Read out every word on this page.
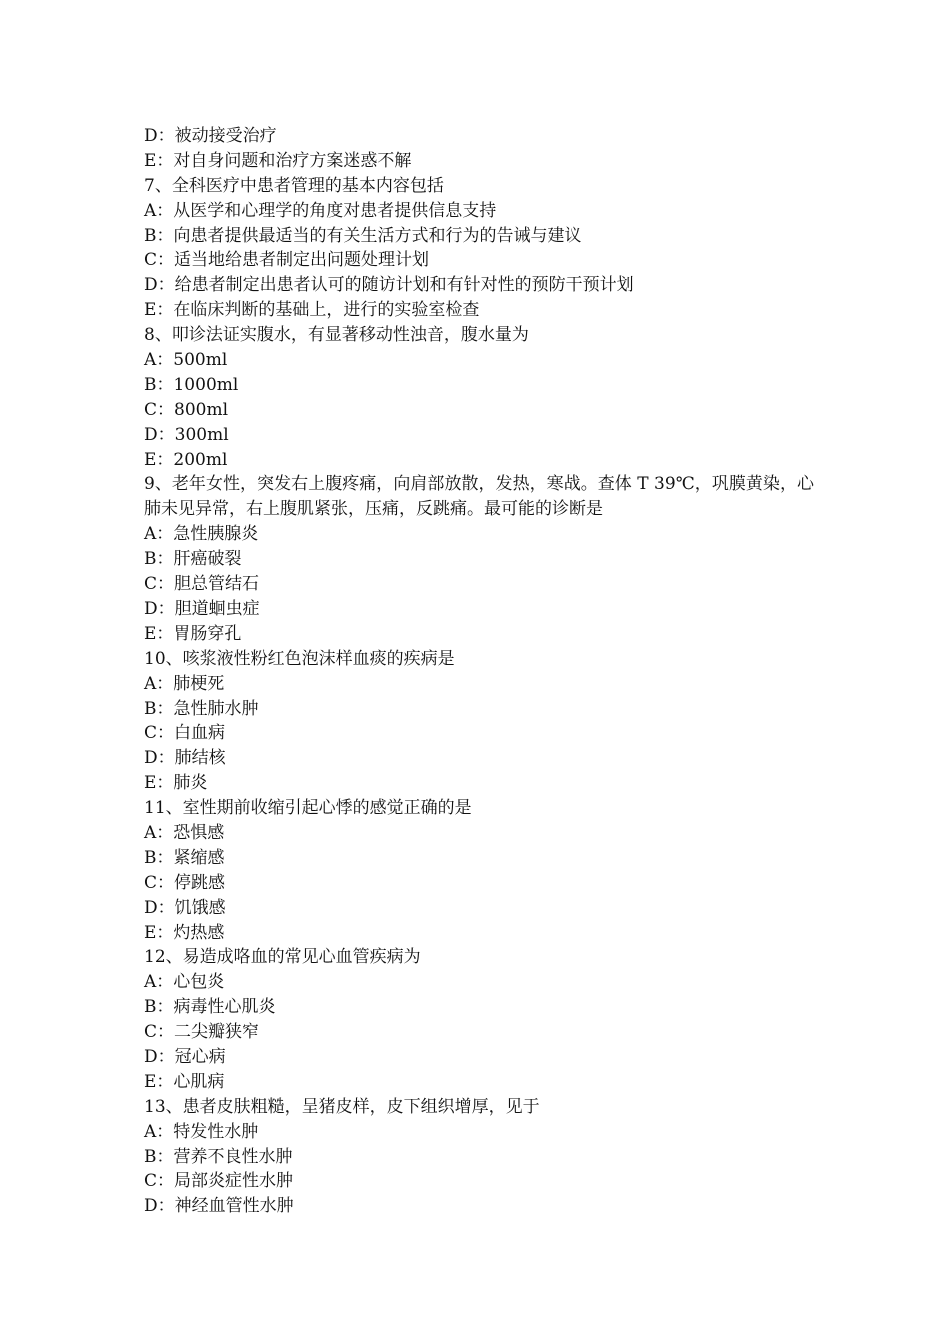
D：被动接受治疗
E：对自身问题和治疗方案迷惑不解
7、全科医疗中患者管理的基本内容包括
A：从医学和心理学的角度对患者提供信息支持
B：向患者提供最适当的有关生活方式和行为的告诫与建议
C：适当地给患者制定出问题处理计划
D：给患者制定出患者认可的随访计划和有针对性的预防干预计划
E：在临床判断的基础上，进行的实验室检查
8、叩诊法证实腹水，有显著移动性浊音，腹水量为
A：500ml
B：1000ml
C：800ml
D：300ml
E：200ml
9、老年女性，突发右上腹疼痛，向肩部放散，发热，寒战。查体 T 39℃，巩膜黄染，心肺未见异常，右上腹肌紧张，压痛，反跳痛。最可能的诊断是
A：急性胰腺炎
B：肝癌破裂
C：胆总管结石
D：胆道蛔虫症
E：胃肠穿孔
10、咳浆液性粉红色泡沫样血痰的疾病是
A：肺梗死
B：急性肺水肿
C：白血病
D：肺结核
E：肺炎
11、室性期前收缩引起心悸的感觉正确的是
A：恐惧感
B：紧缩感
C：停跳感
D：饥饿感
E：灼热感
12、易造成咯血的常见心血管疾病为
A：心包炎
B：病毒性心肌炎
C：二尖瓣狭窄
D：冠心病
E：心肌病
13、患者皮肤粗糙，呈猪皮样，皮下组织增厚，见于
A：特发性水肿
B：营养不良性水肿
C：局部炎症性水肿
D：神经血管性水肿
